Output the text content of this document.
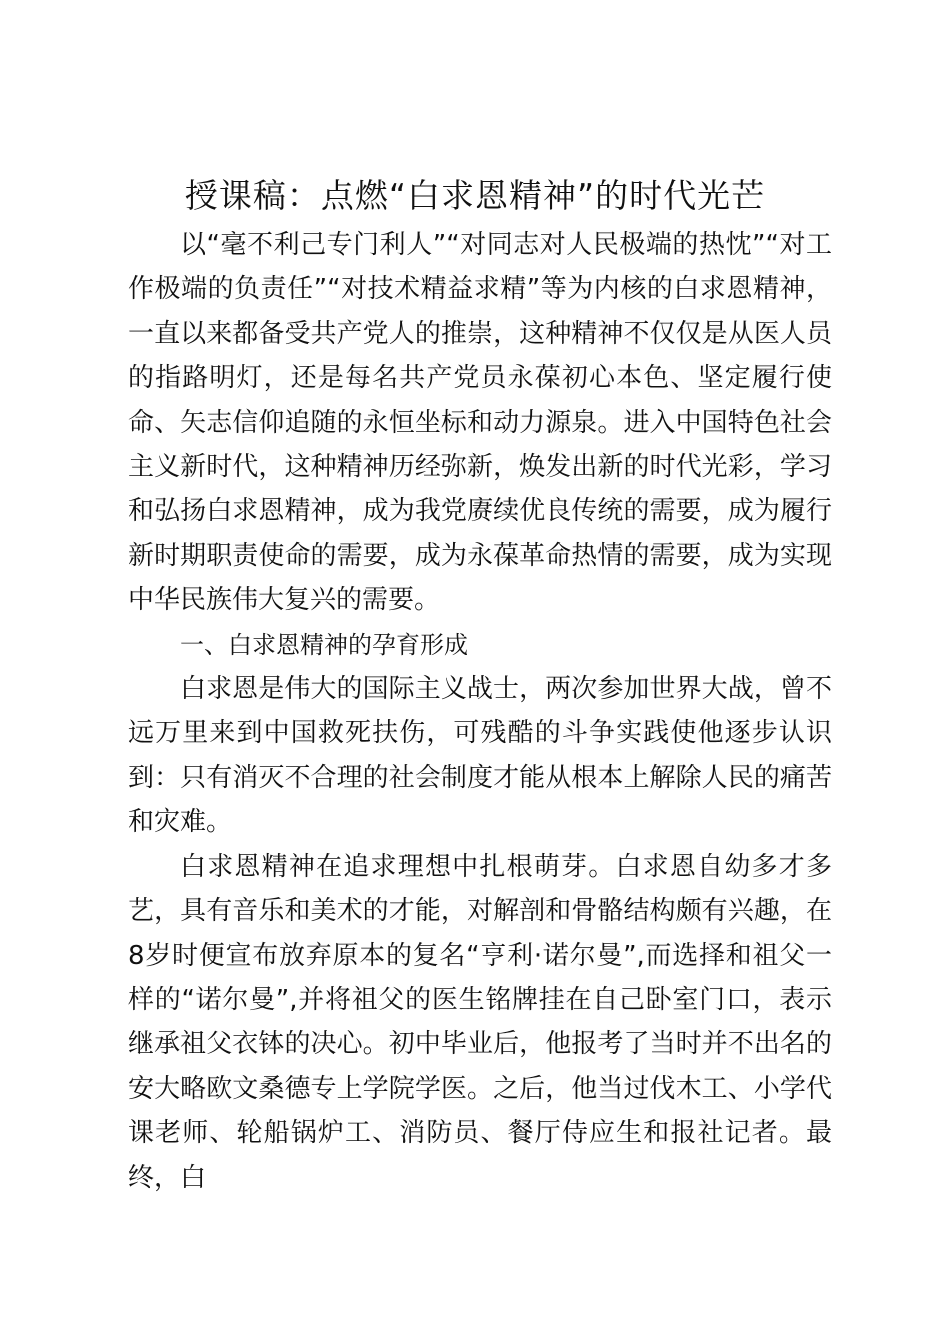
授课稿：点燃“白求恩精神”的时代光芒

以“毫不利己专门利人”“对同志对人民极端的热忱”“对工作极端的负责任”“对技术精益求精”等为内核的白求恩精神，一直以来都备受共产党人的推崇，这种精神不仅仅是从医人员的指路明灯，还是每名共产党员永葆初心本色、坚定履行使命、矢志信仰追随的永恒坐标和动力源泉。进入中国特色社会主义新时代，这种精神历经弥新，焕发出新的时代光彩，学习和弘扬白求恩精神，成为我党赓续优良传统的需要，成为履行新时期职责使命的需要，成为永葆革命热情的需要，成为实现中华民族伟大复兴的需要。

一、白求恩精神的孕育形成

白求恩是伟大的国际主义战士，两次参加世界大战，曾不远万里来到中国救死扶伤，可残酷的斗争实践使他逐步认识到：只有消灭不合理的社会制度才能从根本上解除人民的痛苦和灾难。

白求恩精神在追求理想中扎根萌芽。白求恩自幼多才多艺，具有音乐和美术的才能，对解剖和骨骼结构颇有兴趣，在8岁时便宣布放弃原本的复名“亨利·诺尔曼”,而选择和祖父一样的“诺尔曼”,并将祖父的医生铭牌挂在自己卧室门口，表示继承祖父衣钵的决心。初中毕业后，他报考了当时并不出名的安大略欧文桑德专上学院学医。之后，他当过伐木工、小学代课老师、轮船锅炉工、消防员、餐厅侍应生和报社记者。最终，白
